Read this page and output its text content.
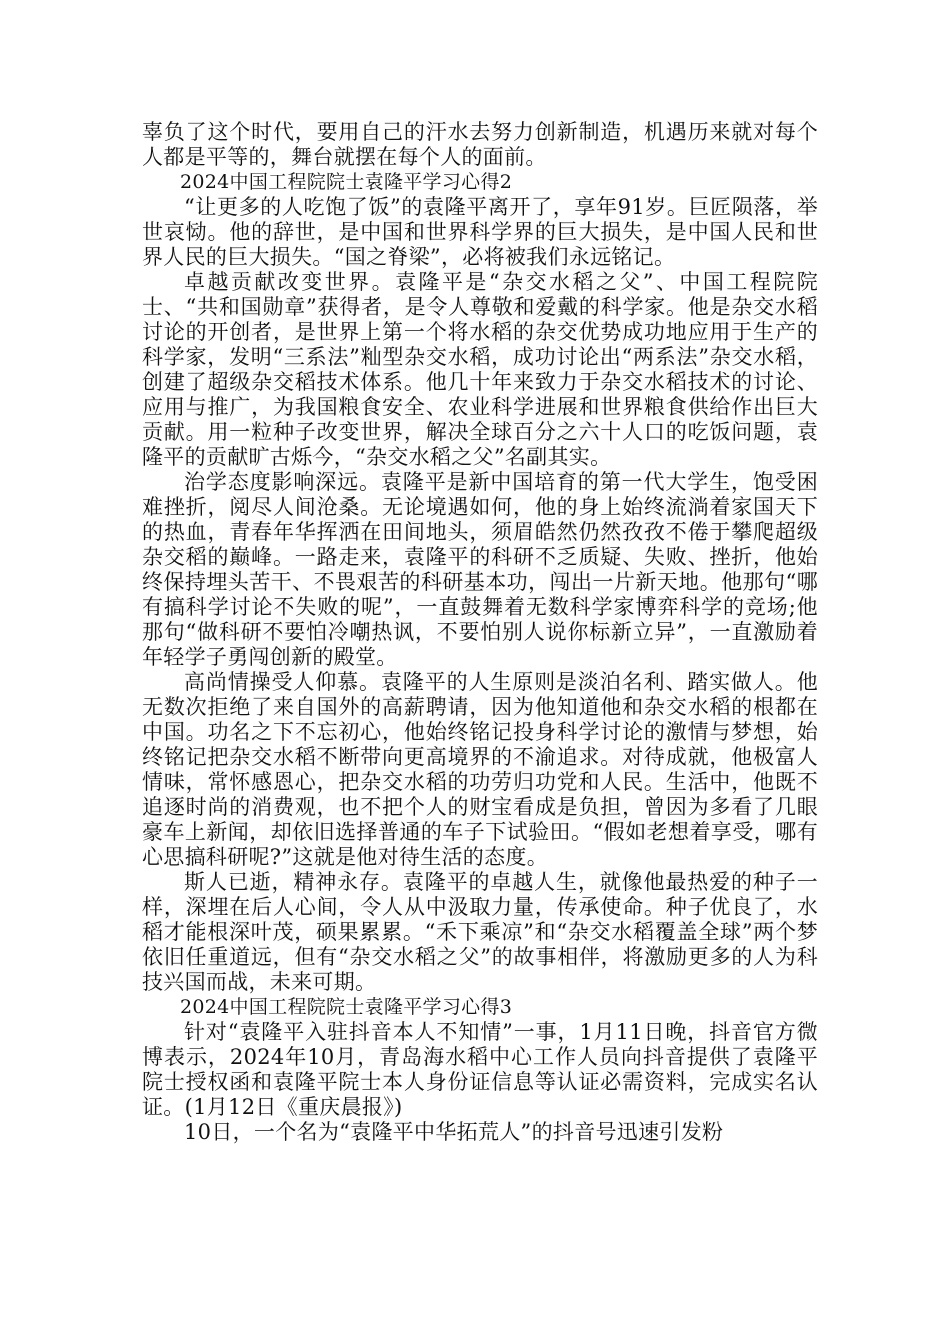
辜负了这个时代，要用自己的汗水去努力创新制造，机遇历来就对每个人都是平等的，舞台就摆在每个人的面前。

2024中国工程院院士袁隆平学习心得2

“让更多的人吃饱了饭”的袁隆平离开了，享年91岁。巨匠陨落，举世哀恸。他的辞世，是中国和世界科学界的巨大损失，是中国人民和世界人民的巨大损失。“国之脊梁”，必将被我们永远铭记。

卓越贡献改变世界。袁隆平是“杂交水稻之父”、中国工程院院士、“共和国勋章”获得者，是令人尊敬和爱戴的科学家。他是杂交水稻讨论的开创者，是世界上第一个将水稻的杂交优势成功地应用于生产的科学家，发明“三系法”籼型杂交水稻，成功讨论出“两系法”杂交水稻，创建了超级杂交稻技术体系。他几十年来致力于杂交水稻技术的讨论、应用与推广，为我国粮食安全、农业科学进展和世界粮食供给作出巨大贡献。用一粒种子改变世界，解决全球百分之六十人口的吃饭问题，袁隆平的贡献旷古烁今，“杂交水稻之父”名副其实。

治学态度影响深远。袁隆平是新中国培育的第一代大学生，饱受困难挫折，阅尽人间沧桑。无论境遇如何，他的身上始终流淌着家国天下的热血，青春年华挥洒在田间地头，须眉皓然仍然孜孜不倦于攀爬超级杂交稻的巅峰。一路走来，袁隆平的科研不乏质疑、失败、挫折，他始终保持埋头苦干、不畏艰苦的科研基本功，闯出一片新天地。他那句“哪有搞科学讨论不失败的呢”，一直鼓舞着无数科学家博弈科学的竞场;他那句“做科研不要怕冷嘲热讽，不要怕别人说你标新立异”，一直激励着年轻学子勇闯创新的殿堂。

高尚情操受人仰慕。袁隆平的人生原则是淡泊名利、踏实做人。他无数次拒绝了来自国外的高薪聘请，因为他知道他和杂交水稻的根都在中国。功名之下不忘初心，他始终铭记投身科学讨论的激情与梦想，始终铭记把杂交水稻不断带向更高境界的不渝追求。对待成就，他极富人情味，常怀感恩心，把杂交水稻的功劳归功党和人民。生活中，他既不追逐时尚的消费观，也不把个人的财宝看成是负担，曾因为多看了几眼豪车上新闻，却依旧选择普通的车子下试验田。“假如老想着享受，哪有心思搞科研呢?”这就是他对待生活的态度。

斯人已逝，精神永存。袁隆平的卓越人生，就像他最热爱的种子一样，深埋在后人心间，令人从中汲取力量，传承使命。种子优良了，水稻才能根深叶茂，硕果累累。“禾下乘凉”和“杂交水稻覆盖全球”两个梦依旧任重道远，但有“杂交水稻之父”的故事相伴，将激励更多的人为科技兴国而战，未来可期。

2024中国工程院院士袁隆平学习心得3

针对“袁隆平入驻抖音本人不知情”一事，1月11日晚，抖音官方微博表示，2024年10月，青岛海水稻中心工作人员向抖音提供了袁隆平院士授权函和袁隆平院士本人身份证信息等认证必需资料，完成实名认证。(1月12日《重庆晨报》)

10日，一个名为“袁隆平中华拓荒人”的抖音号迅速引发粉
